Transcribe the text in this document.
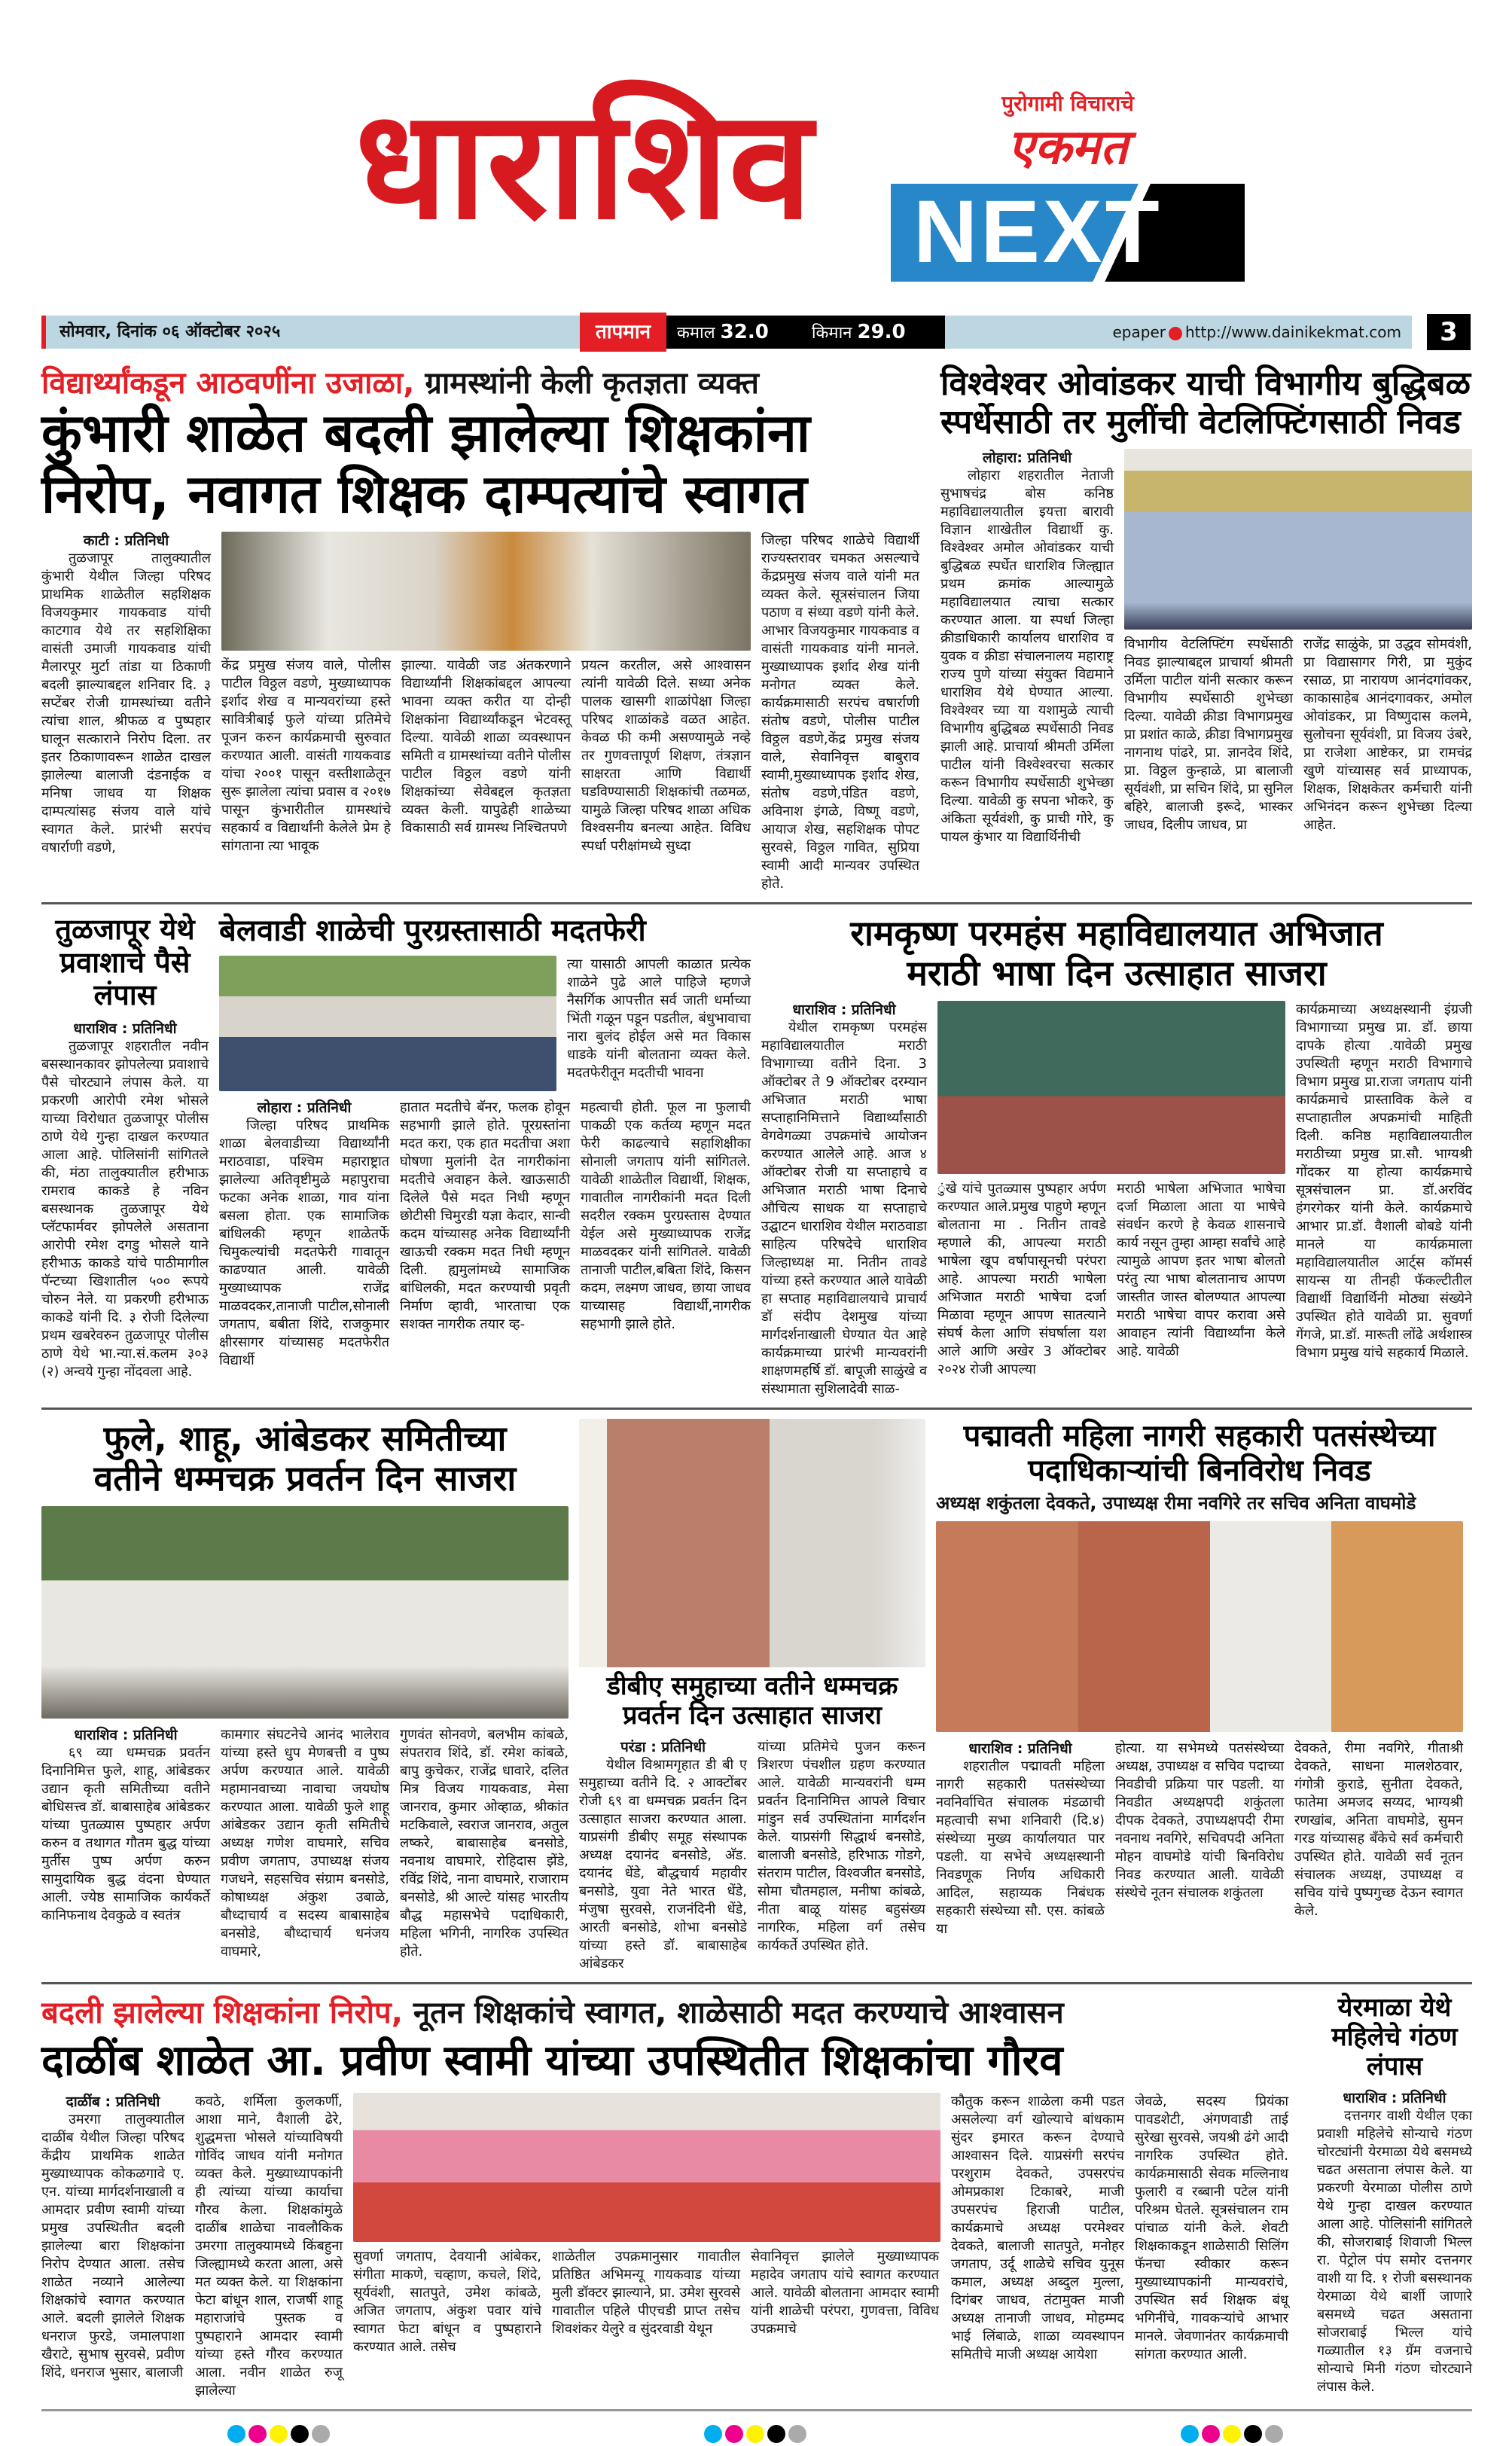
धाराशिव	पुरोगामी विचाराचे
एकमत
NEXT
सोमवार, दिनांक ०६ ऑक्टोबर २०२५	तापमान	कमाल 32.0	किमान 29.0	epaper http://www.dainikekmat.com	3
विद्यार्थ्यांकडून आठवणींना उजाळा, ग्रामस्थांनी केली कृतज्ञता व्यक्त
कुंभारी शाळेत बदली झालेल्या शिक्षकांना
निरोप, नवागत शिक्षक दाम्पत्यांचे स्वागत
काटी : प्रतिनिधी

तुळजापूर तालुक्यातील कुंभारी येथील जिल्हा परिषद प्राथमिक शाळेतील सहशिक्षक विजयकुमार गायकवाड यांची काटगाव येथे तर सहशिक्षिका वासंती उमाजी गायकवाड यांची मैलारपूर मुर्टा तांडा या ठिकाणी बदली झाल्याबद्दल शनिवार दि. ३ सप्टेंबर रोजी ग्रामस्थांच्या वतीने त्यांचा शाल, श्रीफळ व पुष्पहार घालून सत्काराने निरोप दिला. तर इतर ठिकाणावरून शाळेत दाखल झालेल्या बालाजी दंडनाईक व मनिषा जाधव या शिक्षक दाम्पत्यांसह संजय वाले यांचे स्वागत केले. प्रारंभी सरपंच वषार्राणी वडणे,

केंद्र प्रमुख संजय वाले, पोलीस पाटील विठ्ठल वडणे, मुख्याध्यापक इर्शाद शेख व मान्यवरांच्या हस्ते सावित्रीबाई फुले यांच्या प्रतिमेचे पूजन करुन कार्यक्रमाची सुरुवात करण्यात आली. वासंती गायकवाड यांचा २००१ पासून वस्तीशाळेतून सुरू झालेला त्यांचा प्रवास व २०१७ पासून कुंभारीतील ग्रामस्थांचे सहकार्य व विद्यार्थांनी केलेले प्रेम हे सांगताना त्या भावूक
झाल्या. यावेळी जड अंतकरणाने विद्यार्थ्यांनी शिक्षकांबद्दल आपल्या भावना व्यक्त करीत या दोन्ही शिक्षकांना विद्यार्थ्यांकडून भेटवस्तू दिल्या. यावेळी शाळा व्यवस्थापन समिती व ग्रामस्थांच्या वतीने पोलीस पाटील विठ्ठल वडणे यांनी शिक्षकांच्या सेवेबद्दल कृतज्ञता व्यक्त केली. यापुढेही शाळेच्या विकासाठी सर्व ग्रामस्थ निश्चितपणे
प्रयत्न करतील, असे आश्वासन त्यांनी यावेळी दिले. सध्या अनेक पालक खासगी शाळांपेक्षा जिल्हा परिषद शाळांकडे वळत आहेत. केवळ फी कमी असण्यामुळे नव्हे तर गुणवत्तापूर्ण शिक्षण, तंत्रज्ञान साक्षरता आणि विद्यार्थी घडविण्यासाठी शिक्षकांची तळमळ, यामुळे जिल्हा परिषद शाळा अधिक विश्वसनीय बनल्या आहेत. विविध स्पर्धा परीक्षांमध्ये सुध्दा
जिल्हा परिषद शाळेचे विद्यार्थी राज्यस्तरावर चमकत असल्याचे केंद्रप्रमुख संजय वाले यांनी मत व्यक्त केले. सूत्रसंचालन जिया पठाण व संध्या वडणे यांनी केले. आभार विजयकुमार गायकवाड व वासंती गायकवाड यांनी मानले. मुख्याध्यापक इर्शाद शेख यांनी मनोगत व्यक्त केले. कार्यक्रमासाठी सरपंच वषार्राणी संतोष वडणे, पोलीस पाटील विठ्ठल वडणे,केंद्र प्रमुख संजय वाले, सेवानिवृत्त बाबुराव स्वामी,मुख्याध्यापक इर्शाद शेख, संतोष वडणे,पंडित वडणे, अविनाश इंगळे, विष्णू वडणे, आयाज शेख, सहशिक्षक पोपट सुरवसे, विठ्ठल गावित, सुप्रिया स्वामी आदी मान्यवर उपस्थित होते.
विश्वेश्वर ओवांडकर याची विभागीय बुद्धिबळ
स्पर्धेसाठी तर मुलींची वेटलिफ्टिंगसाठी निवड
लोहारा: प्रतिनिधी

लोहारा शहरातील नेताजी सुभाषचंद्र बोस कनिष्ठ महाविद्यालयातील इयत्ता बारावी विज्ञान शाखेतील विद्यार्थी कु. विश्वेश्वर अमोल ओवांडकर याची बुद्धिबळ स्पर्धेत धाराशिव जिल्ह्यात प्रथम क्रमांक आल्यामुळे महाविद्यालयात त्याचा सत्कार करण्यात आला. या स्पर्धा जिल्हा क्रीडाधिकारी कार्यालय धाराशिव व युवक व क्रीडा संचालनालय महाराष्ट्र राज्य पुणे यांच्या संयुक्त विद्यमाने धाराशिव येथे घेण्यात आल्या. विश्वेश्वर च्या या यशामुळे त्याची विभागीय बुद्धिबळ स्पर्धेसाठी निवड झाली आहे. प्राचार्या श्रीमती उर्मिला पाटील यांनी विश्वेश्वरचा सत्कार करून विभागीय स्पर्धेसाठी शुभेच्छा दिल्या. यावेळी कु सपना भोकरे, कु अंकिता सूर्यवंशी, कु प्राची गोरे, कु पायल कुंभार या विद्यार्थिनीची

विभागीय वेटलिफ्टिंग स्पर्धेसाठी निवड झाल्याबद्दल प्राचार्या श्रीमती उर्मिला पाटील यांनी सत्कार करून विभागीय स्पर्धेसाठी शुभेच्छा दिल्या. यावेळी क्रीडा विभागप्रमुख प्रा प्रशांत काळे, क्रीडा विभागप्रमुख नागनाथ पांढरे, प्रा. ज्ञानदेव शिंदे, प्रा. विठ्ठल कुन्हाळे, प्रा बालाजी सूर्यवंशी, प्रा सचिन शिंदे, प्रा सुनिल बहिरे, बालाजी इरूदे, भास्कर जाधव, दिलीप जाधव, प्रा
राजेंद्र साळुंके, प्रा उद्धव सोमवंशी, प्रा विद्यासागर गिरी, प्रा मुकुंद रसाळ, प्रा नारायण आनंदगांवकर, काकासाहेब आनंदगावकर, अमोल ओवांडकर, प्रा विष्णुदास कलमे, सुलोचना सूर्यवंशी, प्रा विजय उंबरे, प्रा राजेशा आष्टेकर, प्रा रामचंद्र खुणे यांच्यासह सर्व प्राध्यापक, शिक्षक, शिक्षकेतर कर्मचारी यांनी अभिनंदन करून शुभेच्छा दिल्या आहेत.
तुळजापूर येथे प्रवाशाचे पैसे लंपास
धाराशिव : प्रतिनिधी

तुळजापूर शहरातील नवीन बसस्थानकावर झोपलेल्या प्रवाशाचे पैसे चोरट्याने लंपास केले. या प्रकरणी आरोपी रमेश भोसले याच्या विरोधात तुळजापूर पोलीस ठाणे येथे गुन्हा दाखल करण्यात आला आहे. पोलिसांनी सांगितले की, मंठा तालुक्यातील हरीभाऊ रामराव काकडे हे नविन बसस्थानक तुळजापूर येथे प्लॅटफार्मवर झोपलेले असताना आरोपी रमेश दगडु भोसले याने हरीभाऊ काकडे यांचे पाठीमागील पॅन्टच्या खिशातील ५०० रूपये चोरुन नेले. या प्रकरणी हरीभाऊ काकडे यांनी दि. ३ रोजी दिलेल्या प्रथम खबरेवरुन तुळजापूर पोलीस ठाणे येथे भा.न्या.सं.कलम ३०३ (२) अन्वये गुन्हा नोंदवला आहे.

बेलवाडी शाळेची पुरग्रस्तासाठी मदतफेरी
त्या यासाठी आपली काळात प्रत्येक शाळेने पुढे आले पाहिजे म्हणजे नैसर्गिक आपत्तीत सर्व जाती धर्माच्या भिंती गळून पडून पडतील, बंधुभावाचा नारा बुलंद होईल असे मत विकास धाडके यांनी बोलताना व्यक्त केले. मदतफेरीतून मदतीची भावना
लोहारा : प्रतिनिधी

जिल्हा परिषद प्राथमिक शाळा बेलवाडीच्या विद्यार्थ्यांनी मराठवाडा, पश्चिम महाराष्ट्रात झालेल्या अतिवृष्टीमुळे महापुराचा फटका अनेक शाळा, गाव यांना बसला होता. एक सामाजिक बांधिलकी म्हणून शाळेतर्फे चिमुकल्यांची मदतफेरी गावातून काढण्यात आली. यावेळी मुख्याध्यापक राजेंद्र माळवदकर,तानाजी पाटील,सोनाली जगताप, बबीता शिंदे, राजकुमार क्षीरसागर यांच्यासह मदतफेरीत विद्यार्थी

हातात मदतीचे बॅनर, फलक होवून सहभागी झाले होते. पूरग्रस्तांना मदत करा, एक हात मदतीचा अशा घोषणा मुलांनी देत नागरीकांना मदतीचे अवाहन केले. खाऊसाठी दिलेले पैसे मदत निधी म्हणून छोटीसी चिमुरडी यज्ञा केदार, सान्वी कदम यांच्यासह अनेक विद्यार्थ्यांनी खाऊची रक्कम मदत निधी म्हणून दिली. ह्यमुलांमध्ये सामाजिक बांधिलकी, मदत करण्याची प्रवृती निर्माण व्हावी, भारताचा एक सशक्त नागरीक तयार व्ह-
महत्वाची होती. फूल ना फुलाची पाकळी एक कर्तव्य म्हणून मदत फेरी काढल्याचे सहाशिक्षीका सोनाली जगताप यांनी सांगितले. यावेळी शाळेतील विद्यार्थी, शिक्षक, गावातील नागरीकांनी मदत दिली सदरील रक्कम पुरग्रस्तास देण्यात येईल असे मुख्याध्यापक राजेंद्र माळवदकर यांनी सांगितले. यावेळी तानाजी पाटील,बबिता शिंदे, किसन कदम, लक्ष्मण जाधव, छाया जाधव याच्यासह विद्यार्थी,नागरीक सहभागी झाले होते.
रामकृष्ण परमहंस महाविद्यालयात अभिजात
मराठी भाषा दिन उत्साहात साजरा
धाराशिव : प्रतिनिधी

येथील रामकृष्ण परमहंस महाविद्यालयातील मराठी विभागाच्या वतीने दिना. 3 ऑक्टोबर ते 9 ऑक्टोबर दरम्यान अभिजात मराठी भाषा सप्ताहानिमित्ताने विद्यार्थ्यांसाठी वेगवेगळ्या उपक्रमांचे आयोजन करण्यात आलेले आहे. आज ४ ऑक्टोबर रोजी या सप्ताहाचे व अभिजात मराठी भाषा दिनाचे औचित्य साधक या सप्ताहाचे उद्घाटन धाराशिव येथील मराठवाडा साहित्य परिषदेचे धाराशिव जिल्हाध्यक्ष मा. नितीन तावडे यांच्या हस्ते करण्यात आले यावेळी हा सप्ताह महाविद्यालयाचे प्राचार्य डॉ संदीप देशमुख यांच्या मार्गदर्शनाखाली घेण्यात येत आहे कार्यक्रमाच्या प्रारंभी मान्यवरांनी शाक्षणमहर्षि डॉ. बापूजी साळुंखे व संस्थामाता सुशिलादेवी साळ-

ुंखे यांचे पुतळ्यास पुष्पहार अर्पण करण्यात आले.प्रमुख पाहुणे म्हणून बोलताना मा . नितीन तावडे म्हणाले की, आपल्या मराठी भाषेला खूप वर्षापासूनची परंपरा आहे. आपल्या मराठी भाषेला अभिजात मराठी भाषेचा दर्जा मिळावा म्हणून आपण सातत्याने संघर्ष केला आणि संघर्षाला यश आले आणि अखेर 3 ऑक्टोबर २०२४ रोजी आपल्या
मराठी भाषेला अभिजात भाषेचा दर्जा मिळाला आता या भाषेचे संवर्धन करणे हे केवळ शासनाचे कार्य नसून तुम्हा आम्हा सर्वांचे आहे त्यामुळे आपण इतर भाषा बोलतो परंतु त्या भाषा बोलतानाच आपण जास्तीत जास्त बोलण्यात आपल्या मराठी भाषेचा वापर करावा असे आवाहन त्यांनी विद्यार्थ्यांना केले आहे. यावेळी
कार्यक्रमाच्या अध्यक्षस्थानी इंग्रजी विभागाच्या प्रमुख प्रा. डॉ. छाया दापके होत्या .यावेळी प्रमुख उपस्थिती म्हणून मराठी विभागाचे विभाग प्रमुख प्रा.राजा जगताप यांनी कार्यक्रमाचे प्रास्ताविक केले व सप्ताहातील अपक्रमांची माहिती दिली. कनिष्ठ महाविद्यालयातील मराठीच्या प्रमुख प्रा.सौ. भाग्यश्री गोंदकर या होत्या कार्यक्रमाचे सूत्रसंचालन प्रा. डॉ.अरविंद हंगरगेकर यांनी केले. कार्यक्रमाचे आभार प्रा.डॉ. वैशाली बोबडे यांनी मानले या कार्यक्रमाला महाविद्यालयातील आर्ट्स कॉमर्स सायन्स या तीनही फॅकल्टीतील विद्यार्थी विद्यार्थिनी मोठ्या संख्येने उपस्थित होते यावेळी प्रा. सुवर्णा गेंगजे, प्रा.डॉ. मारूती लोंढे अर्थशास्त्र विभाग प्रमुख यांचे सहकार्य मिळाले.
फुले, शाहू, आंबेडकर समितीच्या
वतीने धम्मचक्र प्रवर्तन दिन साजरा
धाराशिव : प्रतिनिधी

६९ व्या धम्मचक्र प्रवर्तन दिनानिमित्त फुले, शाहू, आंबेडकर उद्यान कृती समितीच्या वतीने बोधिसत्त्व डॉ. बाबासाहेब आंबेडकर यांच्या पुतळ्यास पुष्पहार अर्पण करुन व तथागत गौतम बुद्ध यांच्या मुर्तीस पुष्प अर्पण करुन सामुदायिक बुद्ध वंदना घेण्यात आली. ज्येष्ठ सामाजिक कार्यकर्ते कानिफनाथ देवकुळे व स्वतंत्र

कामगार संघटनेचे आनंद भालेराव यांच्या हस्ते धुप मेणबत्ती व पुष्प अर्पण करण्यात आले. यावेळी महामानवाच्या नावाचा जयघोष करण्यात आला. यावेळी फुले शाहू आंबेडकर उद्यान कृती समितीचे अध्यक्ष गणेश वाघमारे, सचिव प्रवीण जगताप, उपाध्यक्ष संजय गजधने, सहसचिव संग्राम बनसोडे, कोषाध्यक्ष अंकुश उबाळे, बौध्दाचार्य व सदस्य बाबासाहेब बनसोडे, बौध्दाचार्य धनंजय वाघमारे,
गुणवंत सोनवणे, बलभीम कांबळे, संपतराव शिंदे, डॉ. रमेश कांबळे, बापु कुचेकर, राजेंद्र धावारे, दलित मित्र विजय गायकवाड, मेसा जानराव, कुमार ओव्हाळ, श्रीकांत मटकिवाले, स्वराज जानराव, अतुल लष्करे, बाबासाहेब बनसोडे, नवनाथ वाघमारे, रोहिदास झेंडे, रविंद्र शिंदे, नाना वाघमारे, राजाराम बनसोडे, श्री आल्टे यांसह भारतीय बौद्ध महासभेचे पदाधिकारी, महिला भगिनी, नागरिक उपस्थित होते.
डीबीए समुहाच्या वतीने धम्मचक्र
प्रवर्तन दिन उत्साहात साजरा
परंडा : प्रतिनिधी

येथील विश्रामगृहात डी बी ए समुहाच्या वतीने दि. २ आक्टोंबर रोजी ६९ वा धम्मचक्र प्रवर्तन दिन उत्साहात साजरा करण्यात आला. याप्रसंगी डीबीए समूह संस्थापक अध्यक्ष दयानंद बनसोडे, अ‍ॅड. दयानंद धेंडे, बौद्धचार्य महावीर बनसोडे, युवा नेते भारत धेंडे, मंजुषा सुरवसे, राजनंदिनी धेंडे, आरती बनसोडे, शोभा बनसोडे यांच्या हस्ते डॉ. बाबासाहेब आंबेडकर

यांच्या प्रतिमेचे पुजन करून त्रिशरण पंचशील ग्रहण करण्यात आले. यावेळी मान्यवरांनी धम्म प्रवर्तन दिनानिमित्त आपले विचार मांडुन सर्व उपस्थितांना मार्गदर्शन केले. याप्रसंगी सिद्धार्थ बनसोडे, बालाजी बनसोडे, हरिभाऊ गोडगे, संतराम पाटील, विश्वजीत बनसोडे, सोमा चौतमहाल, मनीषा कांबळे, नीता बाळू यांसह बहुसंख्य नागरिक, महिला वर्ग तसेच कार्यकर्ते उपस्थित होते.
पद्मावती महिला नागरी सहकारी पतसंस्थेच्या
पदाधिकाऱ्यांची बिनविरोध निवड
अध्यक्ष शकुंतला देवकते, उपाध्यक्ष रीमा नवगिरे तर सचिव अनिता वाघमोडे
धाराशिव : प्रतिनिधी

शहरातील पद्मावती महिला नागरी सहकारी पतसंस्थेच्या नवनिर्वाचित संचालक मंडळाची महत्वाची सभा शनिवारी (दि.४) संस्थेच्या मुख्य कार्यालयात पार पडली. या सभेचे अध्यक्षस्थानी निवडणूक निर्णय अधिकारी आदिल, सहाय्यक निबंधक सहकारी संस्थेच्या सौ. एस. कांबळे या

होत्या. या सभेमध्ये पतसंस्थेच्या अध्यक्ष, उपाध्यक्ष व सचिव पदाच्या निवडीची प्रक्रिया पार पडली. या निवडीत अध्यक्षपदी शकुंतला दीपक देवकते, उपाध्यक्षपदी रीमा नवनाथ नवगिरे, सचिवपदी अनिता मोहन वाघमोडे यांची बिनविरोध निवड करण्यात आली. यावेळी संस्थेचे नूतन संचालक शकुंतला
देवकते, रीमा नवगिरे, गीताश्री देवकते, साधना मालशेठवार, गंगोत्री कुराडे, सुनीता देवकते, फातेमा अमजद सय्यद, भाग्यश्री रणखांब, अनिता वाघमोडे, सुमन गरड यांच्यासह बँकेचे सर्व कर्मचारी उपस्थित होते. यावेळी सर्व नूतन संचालक अध्यक्ष, उपाध्यक्ष व सचिव यांचे पुष्पगुच्छ देऊन स्वागत केले.
बदली झालेल्या शिक्षकांना निरोप, नूतन शिक्षकांचे स्वागत, शाळेसाठी मदत करण्याचे आश्वासन
दाळींब शाळेत आ. प्रवीण स्वामी यांच्या उपस्थितीत शिक्षकांचा गौरव
दाळींब : प्रतिनिधी

उमरगा तालुक्यातील दाळींब येथील जिल्हा परिषद केंद्रीय प्राथमिक शाळेत मुख्याध्यापक कोकळगावे ए. एन. यांच्या मार्गदर्शनाखाली व आमदार प्रवीण स्वामी यांच्या प्रमुख उपस्थितीत बदली झालेल्या बारा शिक्षकांना निरोप देण्यात आला. तसेच शाळेत नव्याने आलेल्या शिक्षकांचे स्वागत करण्यात आले. बदली झालेले शिक्षक धनराज फुरडे, जमालपाशा खैराटे, सुभाष सुरवसे, प्रवीण शिंदे, धनराज भुसार, बालाजी

कवठे, शर्मिला कुलकर्णी, आशा माने, वैशाली ढेरे, शुद्धमत्ता भोसले यांच्याविषयी गोविंद जाधव यांनी मनोगत व्यक्त केले. मुख्याध्यापकांनी ही त्यांच्या यांच्या कार्याचा गौरव केला. शिक्षकांमुळे दाळींब शाळेचा नावलौकिक उमरगा तालुक्यामध्ये किंबहुना जिल्ह्यामध्ये करता आला, असे मत व्यक्त केले. या शिक्षकांना फेटा बांधून शाल, राजर्षी शाहू महाराजांचे पुस्तक व पुष्पहाराने आमदार स्वामी यांच्या हस्ते गौरव करण्यात आला. नवीन शाळेत रुजू झालेल्या
सुवर्णा जगताप, देवयानी आंबेकर, संगीता माकणे, चव्हाण, कचले, शिंदे, सूर्यवंशी, सातपुते, उमेश कांबळे, अजित जगताप, अंकुश पवार यांचे स्वागत फेटा बांधून व पुष्पहाराने करण्यात आले. तसेच
शाळेतील उपक्रमानुसार गावातील प्रतिष्ठित अभिमन्यू गायकवाड यांच्या मुली डॉक्टर झाल्याने, प्रा. उमेश सुरवसे गावातील पहिले पीएचडी प्राप्त तसेच शिवशंकर येलुरे व सुंदरवाडी येथून
सेवानिवृत्त झालेले मुख्याध्यापक महादेव जगताप यांचे स्वागत करण्यात आले. यावेळी बोलताना आमदार स्वामी यांनी शाळेची परंपरा, गुणवत्ता, विविध उपक्रमाचे
कौतुक करून शाळेला कमी पडत असलेल्या वर्ग खोल्याचे बांधकाम सुंदर इमारत करून देण्याचे आश्वासन दिले. याप्रसंगी सरपंच परशुराम देवकते, उपसरपंच ओमप्रकाश टिकाबरे, माजी उपसरपंच हिराजी पाटील, कार्यक्रमाचे अध्यक्ष परमेश्वर देवकते, बालाजी सातपुते, मनोहर जगताप, उर्दू शाळेचे सचिव युनूस कमाल, अध्यक्ष अब्दुल मुल्ला, दिगंबर जाधव, तंटामुक्त माजी अध्यक्ष तानाजी जाधव, मोहम्मद भाई लिंबाळे, शाळा व्यवस्थापन समितीचे माजी अध्यक्ष आयेशा
जेवळे, सदस्य प्रियंका पावडशेटी, अंगणवाडी ताई सुरेखा सुरवसे, जयश्री ढंगे आदी नागरिक उपस्थित होते. कार्यक्रमासाठी सेवक मल्लिनाथ फुलारी व रब्बानी पटेल यांनी परिश्रम घेतले. सूत्रसंचालन राम पांचाळ यांनी केले. शेवटी शिक्षकाकडून शाळेसाठी सिलिंग फॅनचा स्वीकार करून मुख्याध्यापकांनी मान्यवरांचे, उपस्थित सर्व शिक्षक बंधू भगिनींचे, गावकऱ्यांचे आभार मानले. जेवणानंतर कार्यक्रमाची सांगता करण्यात आली.
येरमाळा येथे महिलेचे गंठण लंपास
धाराशिव : प्रतिनिधी

दत्तनगर वाशी येथील एका प्रवाशी महिलेचे सोन्याचे गंठण चोरट्यांनी येरमाळा येथे बसमध्ये चढत असताना लंपास केले. या प्रकरणी येरमाळा पोलीस ठाणे येथे गुन्हा दाखल करण्यात आला आहे. पोलिसांनी सांगितले की, सोजराबाई शिवाजी भिल्ल रा. पेट्रोल पंप समोर दत्तनगर वाशी या दि. १ रोजी बसस्थानक येरमाळा येथे बार्शी जाणारे बसमध्ये चढत असताना सोजराबाई भिल्ल यांचे गळ्यातील १३ ग्रॅम वजनाचे सोन्याचे मिनी गंठण चोरट्याने लंपास केले.
